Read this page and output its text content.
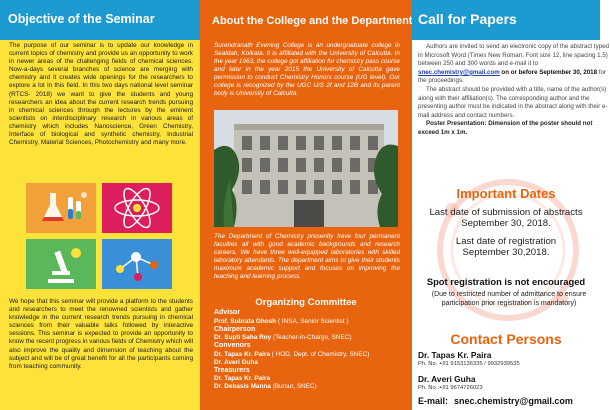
Objective of the Seminar
The purpose of our seminar is to update our knowledge in current topics of chemistry and provide us an opportunity to work in newer areas of the challenging fields of chemical sciences. Now-a-days several branches of science are merging with chemistry and it creates wide openings for the researchers to explore a lot in this field. In this two days national level seminar (RTCS- 2018) we want to give the students and young researchers an idea about the current research trends pursuing in chemical sciences through the lectures by the eminent scientists on interdisciplinary research in various areas of chemistry which includes Nanoscience, Green Chemistry, Interface of biological and synthetic chemistry, Industrial Chemistry, Material Sciences, Photochemistry and many more.
We hope that this seminar will provide a platform to the students and researchers to meet the renowned scientists and gather knowledge in the current research trends pursuing in chemical sciences from their valuable talks followed by interactive sessions. This seminar is expected to provide an opportunity to know the recent progress in various fields of Chemistry which will also improve the quality and dimension of teaching about the subject and will be of great benefit for all the participants coming from teaching community.
About the College and the Department
Surendranath Evening College is an undergraduate college in Sealdah, Kolkata. It is affiliated with the University of Calcutta. In the year 1963, the college got affiliation for chemistry pass course and later in the year 2015 the University of Calcutta gave permission to conduct Chemistry Honors course (UG level). Our college is recognized by the UGC U/S 2f and 12B and its parent body is University of Calcutta.
The Department of Chemistry presently have four permanent faculties all with good academic backgrounds and research careers. We have three well-equipped laboratories with skilled laboratory attendants. The department aims to give their students maximum academic support and focuses on improving the teaching and learning process.
Organizing Committee
Advisor
Prof. Subrata Ghosh ( INSA, Senior Scientist )
Chairperson
Dr. Supti Saha Roy (Teacher-in-Charge, SNEC)
Convenors
Dr. Tapas Kr. Paira ( HOD, Dept. of Chemistry, SNEC)
Dr. Averi Guha
Treasurers
Dr. Tapas Kr. Paira
Dr. Debasis Manna (Bursur, SNEC)
Call for Papers

Authors are invited to send an electronic copy of the abstract typed in Microsoft Word (Times New Roman, Font size 12, line spacing 1.5) between 250 and 300 words and e-mail it to snec.chemistry@gmail.com on or before September 30, 2018 for the proceedings.

The abstract should be provided with a title, name of the author(s) along with their affiliation(s). The corresponding author and the presenting author must be indicated in the abstract along with their e-mail address and contact numbers.

Poster Presentation: Dimension of the poster should not exceed 1m x 1m.

Important Dates
Last date of submission of abstracts
September 30, 2018.
Last date of registration
September 30,2018.
Spot registration is not encouraged
(Due to restricted number of admittance to ensure participation prior registration is mandatory)
Contact Persons
Dr. Tapas Kr. Paira
Ph. No. +91 9153136335 / 9932939535
Dr. Averi Guha
Ph. No.:+91 9674726023
E-mail: snec.chemistry@gmail.com
